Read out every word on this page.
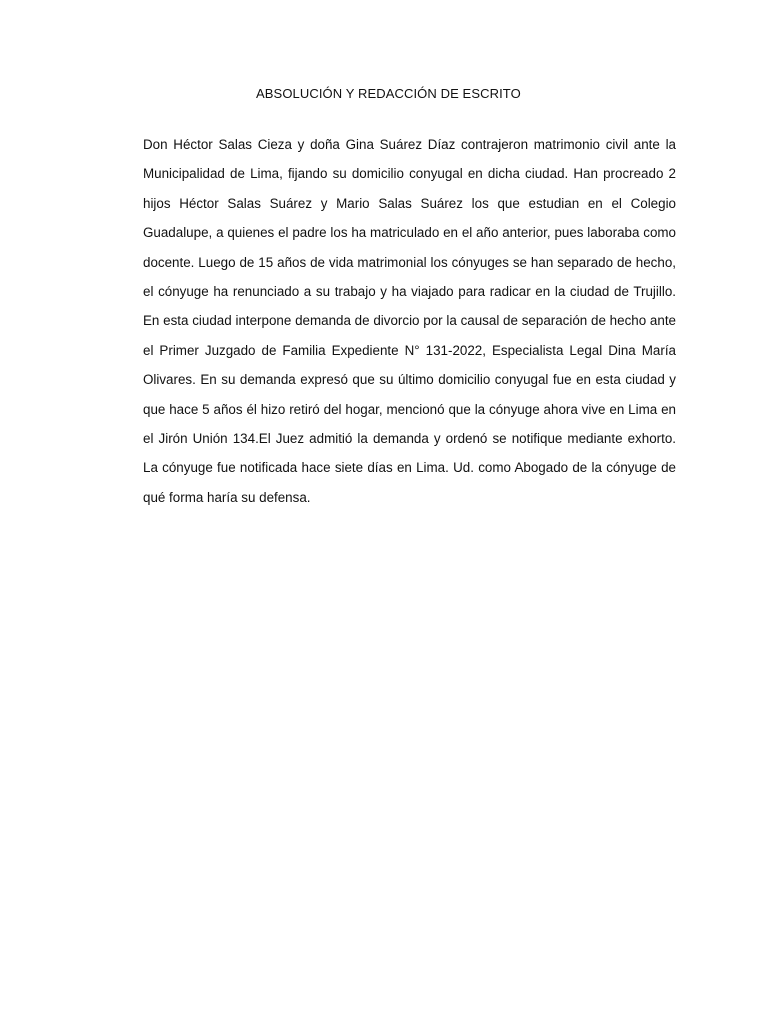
ABSOLUCIÓN Y REDACCIÓN DE ESCRITO

Don Héctor Salas Cieza y doña Gina Suárez Díaz contrajeron matrimonio civil ante la Municipalidad de Lima, fijando su domicilio conyugal en dicha ciudad. Han procreado 2 hijos Héctor Salas Suárez y Mario Salas Suárez los que estudian en el Colegio Guadalupe, a quienes el padre los ha matriculado en el año anterior, pues laboraba como docente. Luego de 15 años de vida matrimonial los cónyuges se han separado de hecho, el cónyuge ha renunciado a su trabajo y ha viajado para radicar en la ciudad de Trujillo. En esta ciudad interpone demanda de divorcio por la causal de separación de hecho ante el Primer Juzgado de Familia Expediente N° 131-2022, Especialista Legal Dina María Olivares. En su demanda expresó que su último domicilio conyugal fue en esta ciudad y que hace 5 años él hizo retiró del hogar, mencionó que la cónyuge ahora vive en Lima en el Jirón Unión 134.El Juez admitió la demanda y ordenó se notifique mediante exhorto. La cónyuge fue notificada hace siete días en Lima. Ud. como Abogado de la cónyuge de qué forma haría su defensa.
